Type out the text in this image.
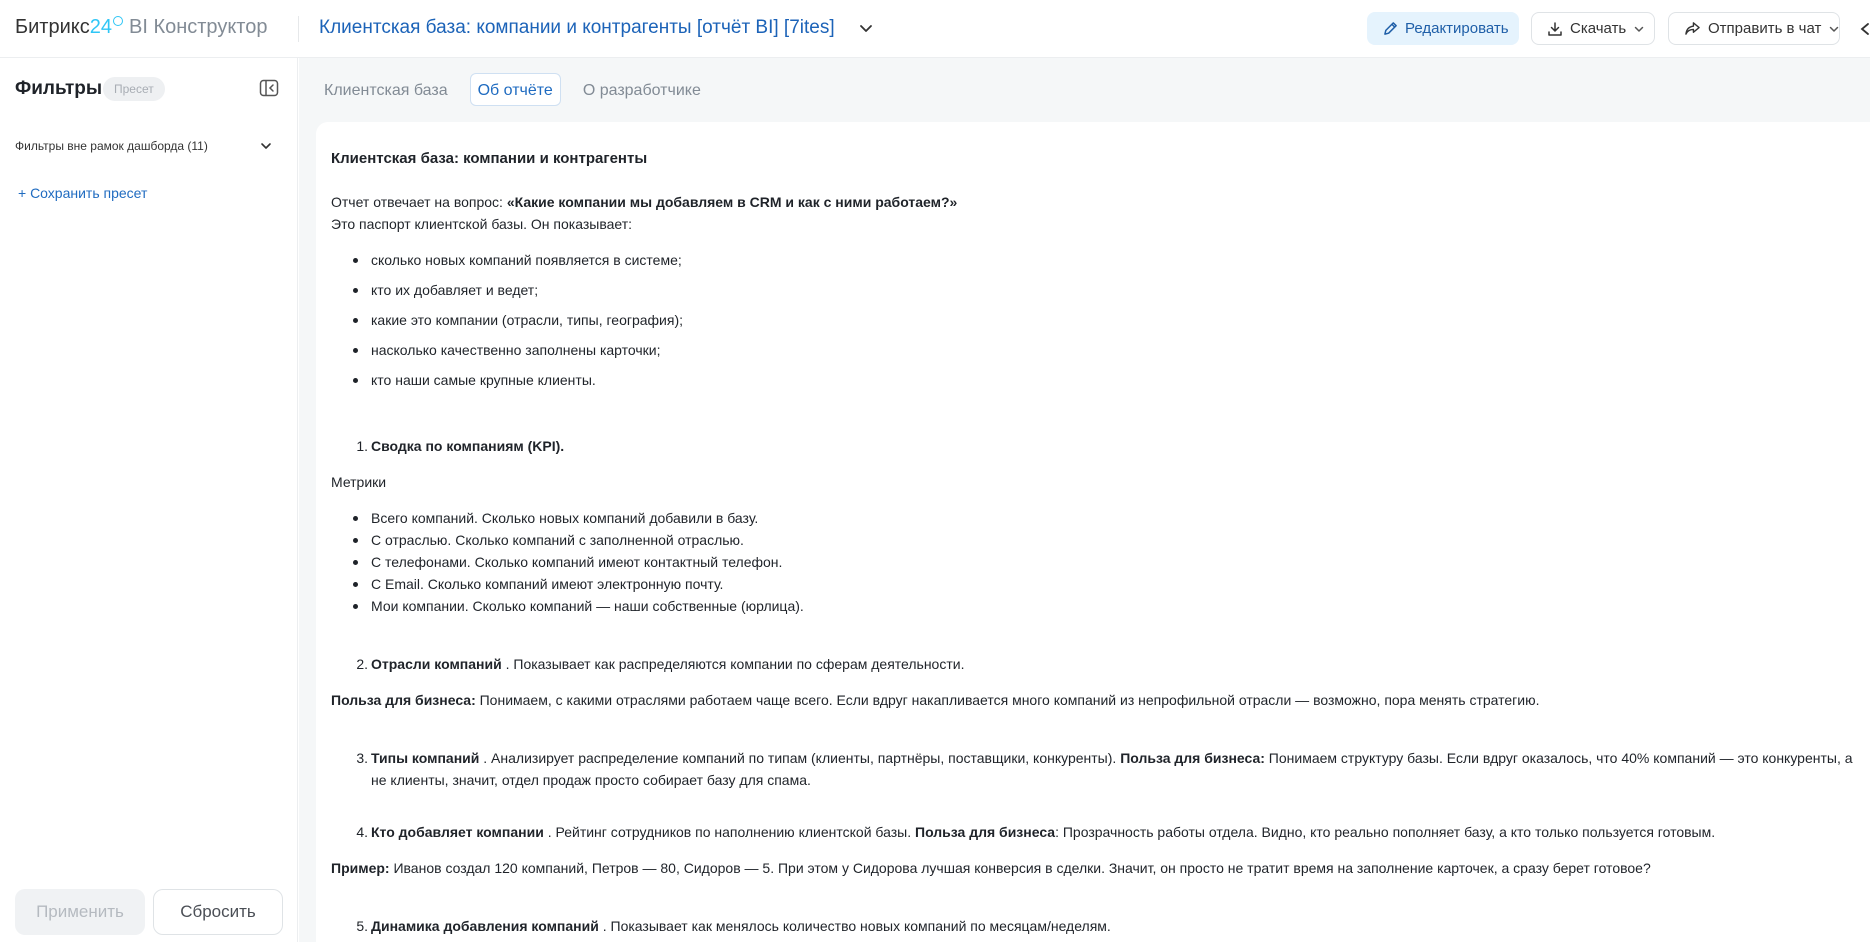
Битрикс24 BI Конструктор	Клиентская база: компании и контрагенты [отчёт BI] [7ites]	Редактировать	Скачать	Отправить в чат
Фильтры Пресет
Фильтры вне рамок дашборда (11)
+ Сохранить пресет
Применить	Сбросить
Клиентская база	Об отчёте	О разработчике
Клиентская база: компании и контрагенты
Отчет отвечает на вопрос: «Какие компании мы добавляем в CRM и как с ними работаем?»
Это паспорт клиентской базы. Он показывает:
сколько новых компаний появляется в системе;
кто их добавляет и ведет;
какие это компании (отрасли, типы, география);
насколько качественно заполнены карточки;
кто наши самые крупные клиенты.
1. Сводка по компаниям (KPI).
Метрики
Всего компаний. Сколько новых компаний добавили в базу.
С отраслью. Сколько компаний с заполненной отраслью.
С телефонами. Сколько компаний имеют контактный телефон.
С Email. Сколько компаний имеют электронную почту.
Мои компании. Сколько компаний — наши собственные (юрлица).
2. Отрасли компаний . Показывает как распределяются компании по сферам деятельности.
Польза для бизнеса: Понимаем, с какими отраслями работаем чаще всего. Если вдруг накапливается много компаний из непрофильной отрасли — возможно, пора менять стратегию.
3. Типы компаний . Анализирует распределение компаний по типам (клиенты, партнёры, поставщики, конкуренты). Польза для бизнеса: Понимаем структуру базы. Если вдруг оказалось, что 40% компаний — это конкуренты, а не клиенты, значит, отдел продаж просто собирает базу для спама.
4. Кто добавляет компании . Рейтинг сотрудников по наполнению клиентской базы. Польза для бизнеса: Прозрачность работы отдела. Видно, кто реально пополняет базу, а кто только пользуется готовым.
Пример: Иванов создал 120 компаний, Петров — 80, Сидоров — 5. При этом у Сидорова лучшая конверсия в сделки. Значит, он просто не тратит время на заполнение карточек, а сразу берет готовое?
5. Динамика добавления компаний . Показывает как менялось количество новых компаний по месяцам/неделям.
